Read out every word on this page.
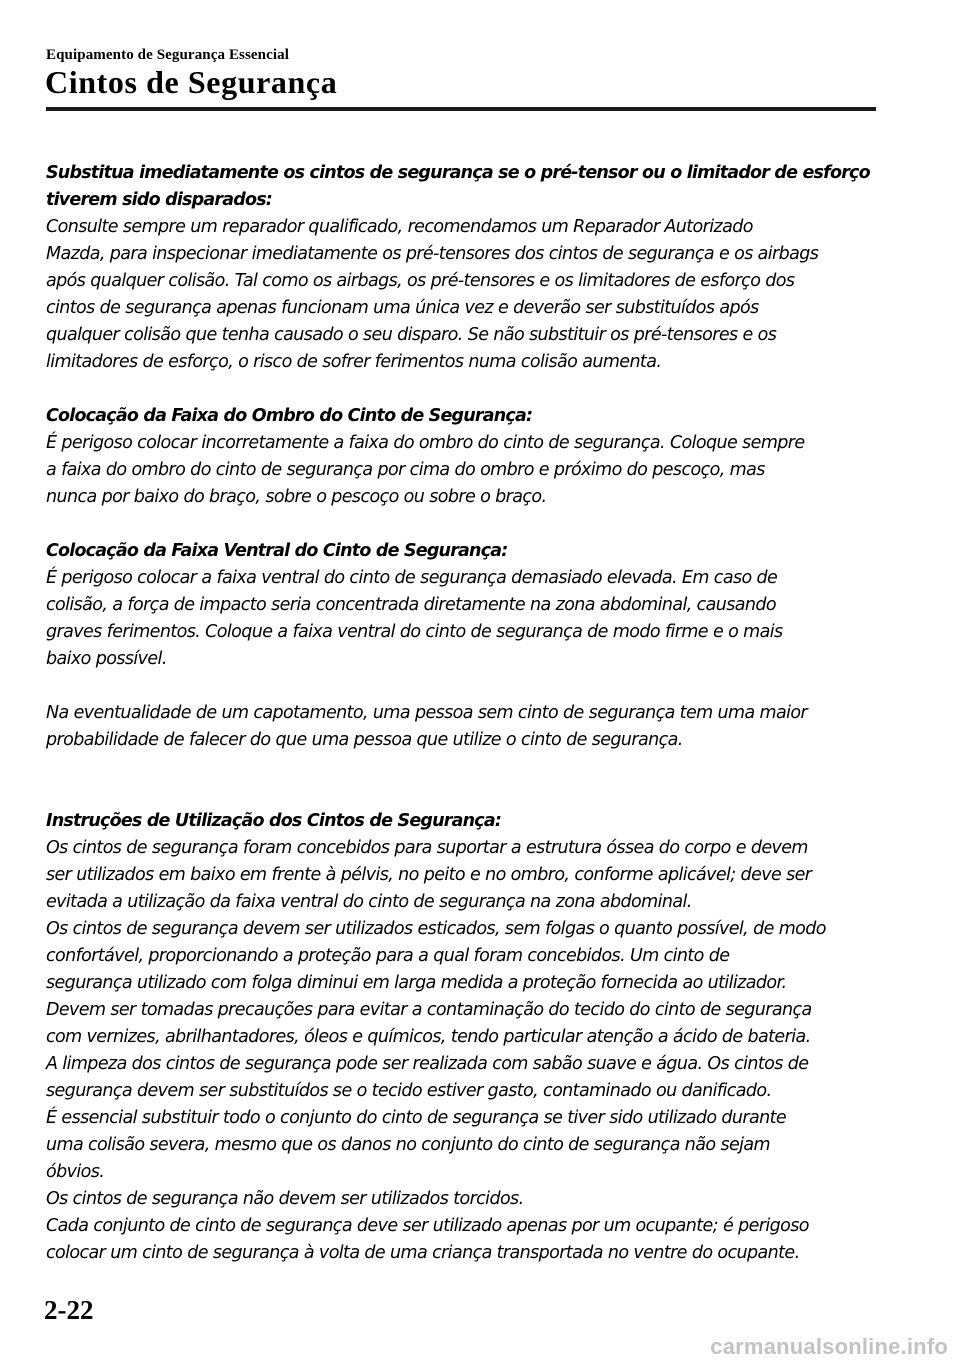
Equipamento de Segurança Essencial
Cintos de Segurança

Substitua imediatamente os cintos de segurança se o pré-tensor ou o limitador de esforço

tiverem sido disparados:

Consulte sempre um reparador qualificado, recomendamos um Reparador Autorizado

Mazda, para inspecionar imediatamente os pré-tensores dos cintos de segurança e os airbags

após qualquer colisão. Tal como os airbags, os pré-tensores e os limitadores de esforço dos

cintos de segurança apenas funcionam uma única vez e deverão ser substituídos após

qualquer colisão que tenha causado o seu disparo. Se não substituir os pré-tensores e os

limitadores de esforço, o risco de sofrer ferimentos numa colisão aumenta.

Colocação da Faixa do Ombro do Cinto de Segurança:

É perigoso colocar incorretamente a faixa do ombro do cinto de segurança. Coloque sempre

a faixa do ombro do cinto de segurança por cima do ombro e próximo do pescoço, mas

nunca por baixo do braço, sobre o pescoço ou sobre o braço.

Colocação da Faixa Ventral do Cinto de Segurança:

É perigoso colocar a faixa ventral do cinto de segurança demasiado elevada. Em caso de

colisão, a força de impacto seria concentrada diretamente na zona abdominal, causando

graves ferimentos. Coloque a faixa ventral do cinto de segurança de modo firme e o mais

baixo possível.

Na eventualidade de um capotamento, uma pessoa sem cinto de segurança tem uma maior

probabilidade de falecer do que uma pessoa que utilize o cinto de segurança.

Instruções de Utilização dos Cintos de Segurança:

Os cintos de segurança foram concebidos para suportar a estrutura óssea do corpo e devem

ser utilizados em baixo em frente à pélvis, no peito e no ombro, conforme aplicável; deve ser

evitada a utilização da faixa ventral do cinto de segurança na zona abdominal.

Os cintos de segurança devem ser utilizados esticados, sem folgas o quanto possível, de modo

confortável, proporcionando a proteção para a qual foram concebidos. Um cinto de

segurança utilizado com folga diminui em larga medida a proteção fornecida ao utilizador.

Devem ser tomadas precauções para evitar a contaminação do tecido do cinto de segurança

com vernizes, abrilhantadores, óleos e químicos, tendo particular atenção a ácido de bateria.

A limpeza dos cintos de segurança pode ser realizada com sabão suave e água. Os cintos de

segurança devem ser substituídos se o tecido estiver gasto, contaminado ou danificado.

É essencial substituir todo o conjunto do cinto de segurança se tiver sido utilizado durante

uma colisão severa, mesmo que os danos no conjunto do cinto de segurança não sejam

óbvios.

Os cintos de segurança não devem ser utilizados torcidos.

Cada conjunto de cinto de segurança deve ser utilizado apenas por um ocupante; é perigoso

colocar um cinto de segurança à volta de uma criança transportada no ventre do ocupante.

2-22
carmanualsonline.info
